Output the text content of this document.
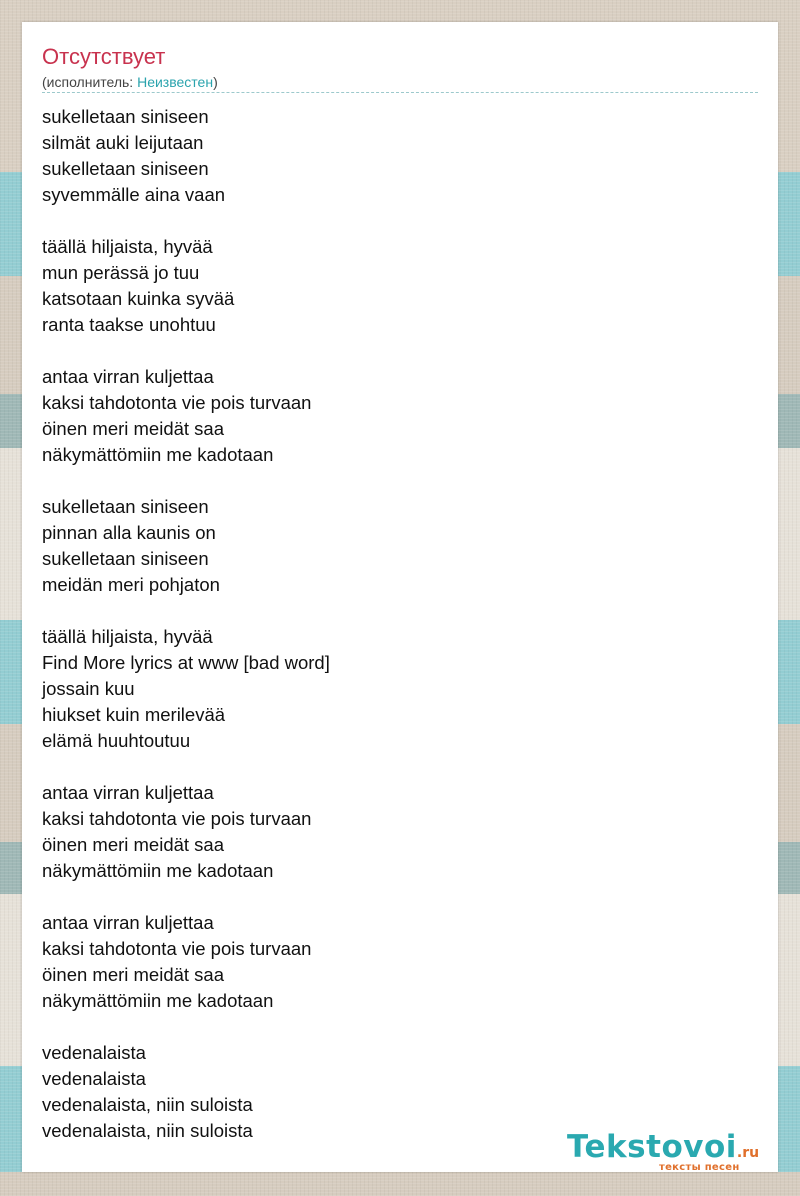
Отсутствует
(исполнитель: Неизвестен)
sukelletaan siniseen
silmät auki leijutaan
sukelletaan siniseen
syvemmälle aina vaan
täällä hiljaista, hyvää
mun perässä jo tuu
katsotaan kuinka syvää
ranta taakse unohtuu
antaa virran kuljettaa
kaksi tahdotonta vie pois turvaan
öinen meri meidät saa
näkymättömiin me kadotaan
sukelletaan siniseen
pinnan alla kaunis on
sukelletaan siniseen
meidän meri pohjaton
täällä hiljaista, hyvää
Find More lyrics at www [bad word]
jossain kuu
hiukset kuin merilevää
elämä huuhtoutuu
antaa virran kuljettaa
kaksi tahdotonta vie pois turvaan
öinen meri meidät saa
näkymättömiin me kadotaan
antaa virran kuljettaa
kaksi tahdotonta vie pois turvaan
öinen meri meidät saa
näkymättömiin me kadotaan
vedenalaista
vedenalaista
vedenalaista, niin suloista
vedenalaista, niin suloista	Tekstovoi.ru
тексты песен
